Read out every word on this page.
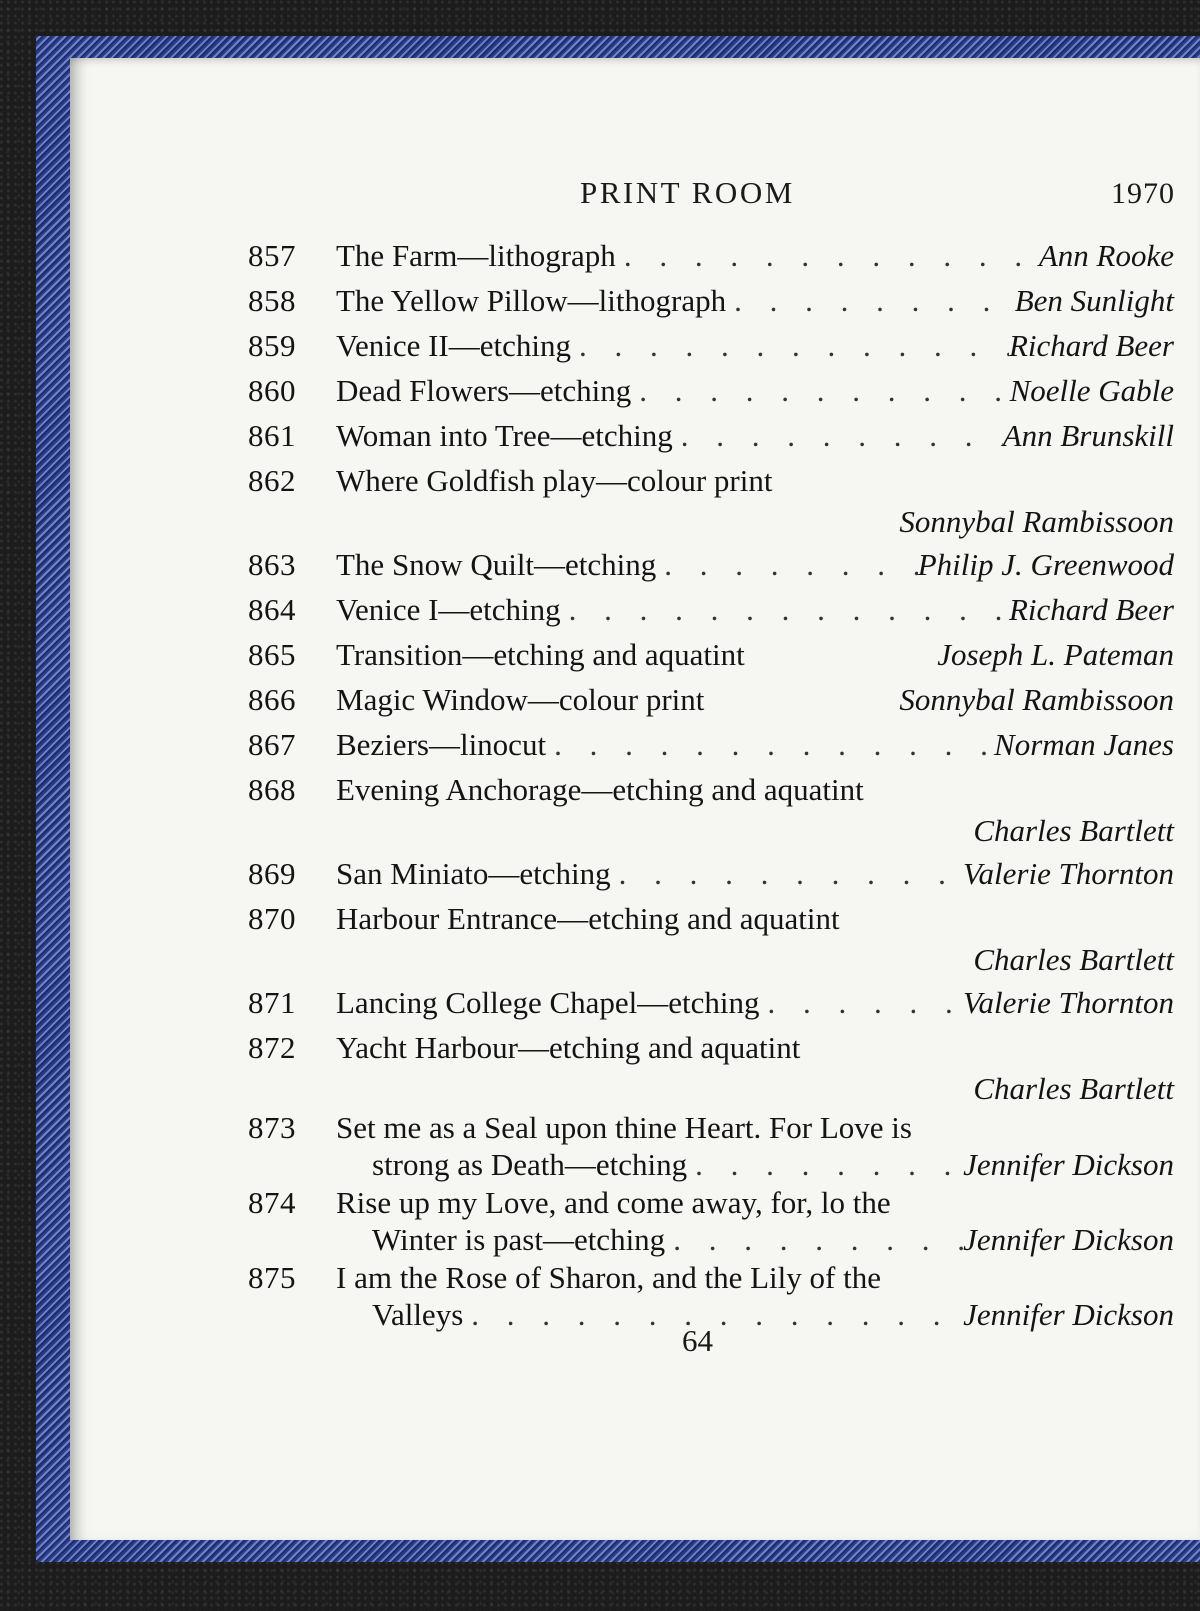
PRINT ROOM	1970
857	The Farm—lithograph . . .	Ann Rooke
858	The Yellow Pillow—lithograph . . .	Ben Sunlight
859	Venice II—etching . . .	Richard Beer
860	Dead Flowers—etching . . .	Noelle Gable
861	Woman into Tree—etching . . .	Ann Brunskill
862	Where Goldfish play—colour print
Sonnybal Rambissoon
863	The Snow Quilt—etching . . .	Philip J. Greenwood
864	Venice I—etching . . .	Richard Beer
865	Transition—etching and aquatint	Joseph L. Pateman
866	Magic Window—colour print	Sonnybal Rambissoon
867	Beziers—linocut . . .	Norman Janes
868	Evening Anchorage—etching and aquatint
Charles Bartlett
869	San Miniato—etching . . .	Valerie Thornton
870	Harbour Entrance—etching and aquatint
Charles Bartlett
871	Lancing College Chapel—etching . . .	Valerie Thornton
872	Yacht Harbour—etching and aquatint
Charles Bartlett
873	Set me as a Seal upon thine Heart. For Love is
strong as Death—etching . . .	Jennifer Dickson
874	Rise up my Love, and come away, for, lo the
Winter is past—etching . . .	Jennifer Dickson
875	I am the Rose of Sharon, and the Lily of the
Valleys . . .	Jennifer Dickson
64
